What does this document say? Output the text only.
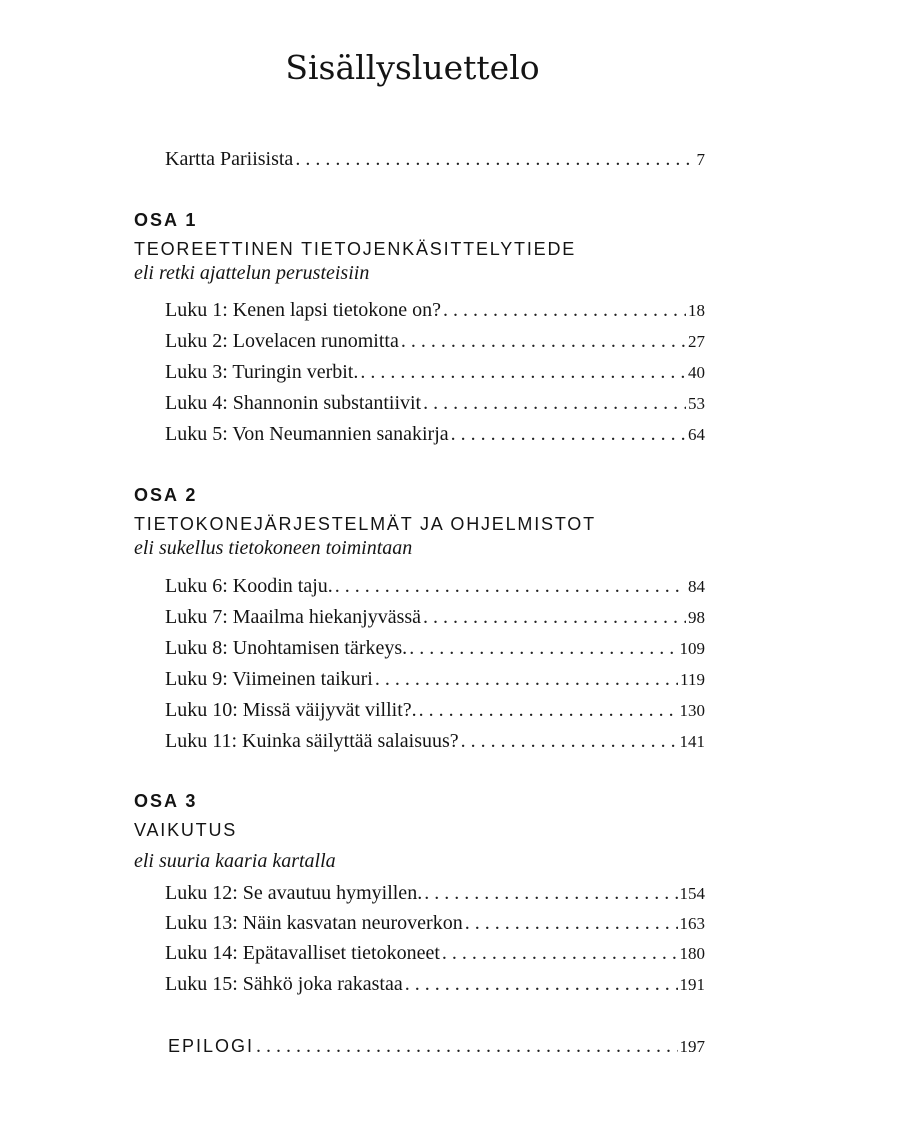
Sisällysluettelo
Kartta Pariisista . . .	7
OSA 1
TEOREETTINEN TIETOJENKÄSITTELYTIEDE
eli retki ajattelun perusteisiin
Luku 1: Kenen lapsi tietokone on? . . .	18
Luku 2: Lovelacen runomitta . . .	27
Luku 3: Turingin verbit. . . .	40
Luku 4: Shannonin substantiivit . . .	53
Luku 5: Von Neumannien sanakirja . . .	64
OSA 2
TIETOKONEJÄRJESTELMÄT JA OHJELMISTOT
eli sukellus tietokoneen toimintaan
Luku 6: Koodin taju. . . .	84
Luku 7: Maailma hiekanjyvässä . . .	98
Luku 8: Unohtamisen tärkeys. . . .	109
Luku 9: Viimeinen taikuri . . .	119
Luku 10: Missä väijyvät villit?. . . .	130
Luku 11: Kuinka säilyttää salaisuus? . . .	141
OSA 3
VAIKUTUS
eli suuria kaaria kartalla
Luku 12: Se avautuu hymyillen. . . .	154
Luku 13: Näin kasvatan neuroverkon . . .	163
Luku 14: Epätavalliset tietokoneet . . .	180
Luku 15: Sähkö joka rakastaa . . .	191
EPILOGI . . .	197
